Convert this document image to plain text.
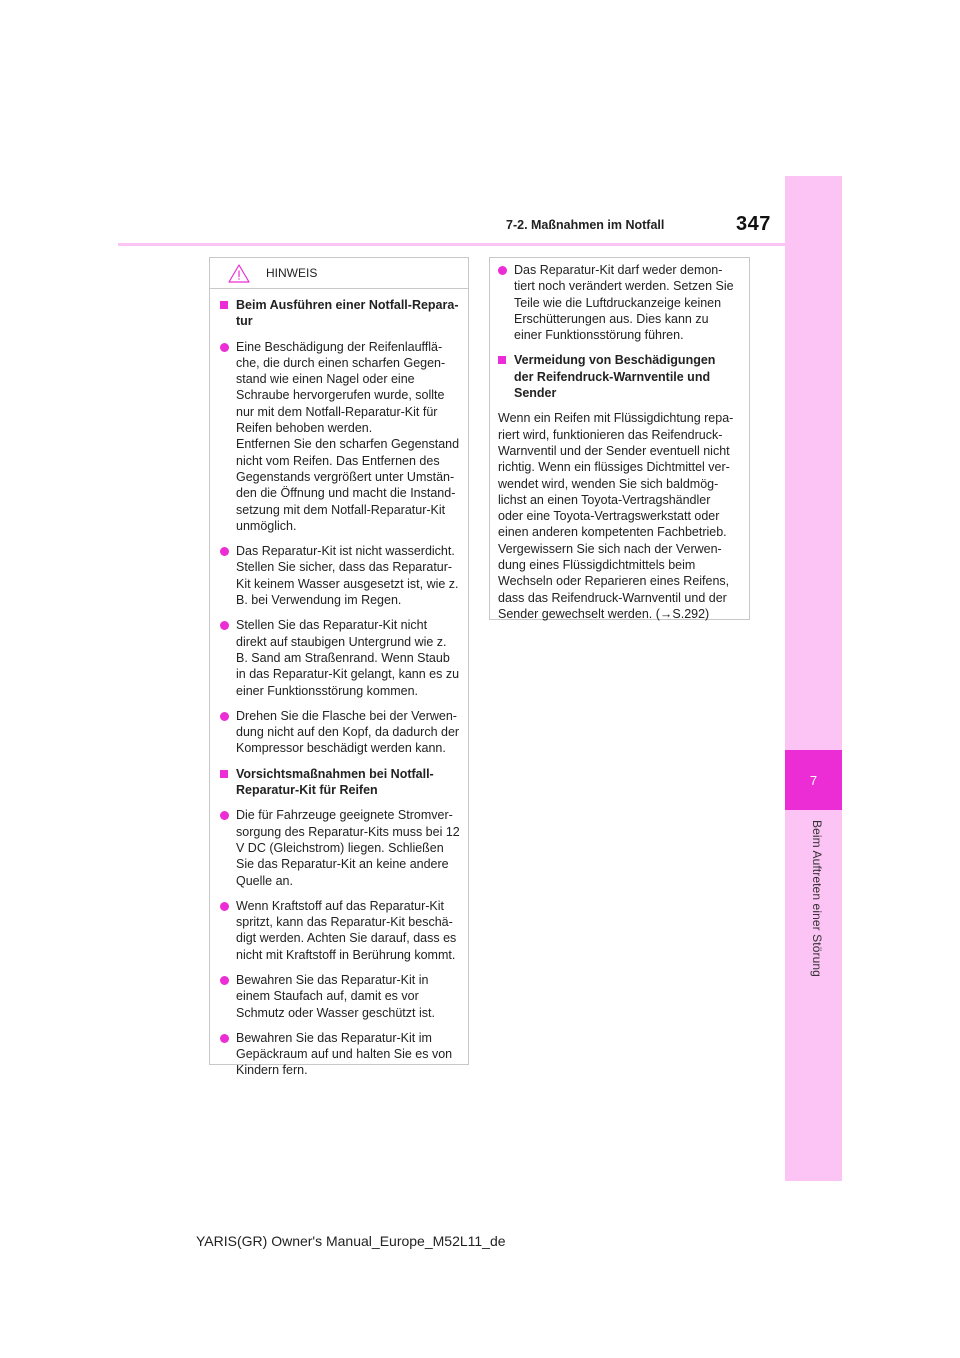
7
Beim Auftreten einer Störung
7-2. Maßnahmen im Notfall	347
HINWEIS
Beim Ausführen einer Notfall-Repara-
tur
Eine Beschädigung der Reifenlaufflä-
che, die durch einen scharfen Gegen-
stand wie einen Nagel oder eine
Schraube hervorgerufen wurde, sollte
nur mit dem Notfall-Reparatur-Kit für
Reifen behoben werden.
Entfernen Sie den scharfen Gegenstand
nicht vom Reifen. Das Entfernen des
Gegenstands vergrößert unter Umstän-
den die Öffnung und macht die Instand-
setzung mit dem Notfall-Reparatur-Kit
unmöglich.
Das Reparatur-Kit ist nicht wasserdicht.
Stellen Sie sicher, dass das Reparatur-
Kit keinem Wasser ausgesetzt ist, wie z.
B. bei Verwendung im Regen.
Stellen Sie das Reparatur-Kit nicht
direkt auf staubigen Untergrund wie z.
B. Sand am Straßenrand. Wenn Staub
in das Reparatur-Kit gelangt, kann es zu
einer Funktionsstörung kommen.
Drehen Sie die Flasche bei der Verwen-
dung nicht auf den Kopf, da dadurch der
Kompressor beschädigt werden kann.
Vorsichtsmaßnahmen bei Notfall-
Reparatur-Kit für Reifen
Die für Fahrzeuge geeignete Stromver-
sorgung des Reparatur-Kits muss bei 12
V DC (Gleichstrom) liegen. Schließen
Sie das Reparatur-Kit an keine andere
Quelle an.
Wenn Kraftstoff auf das Reparatur-Kit
spritzt, kann das Reparatur-Kit beschä-
digt werden. Achten Sie darauf, dass es
nicht mit Kraftstoff in Berührung kommt.
Bewahren Sie das Reparatur-Kit in
einem Staufach auf, damit es vor
Schmutz oder Wasser geschützt ist.
Bewahren Sie das Reparatur-Kit im
Gepäckraum auf und halten Sie es von
Kindern fern.
Das Reparatur-Kit darf weder demon-
tiert noch verändert werden. Setzen Sie
Teile wie die Luftdruckanzeige keinen
Erschütterungen aus. Dies kann zu
einer Funktionsstörung führen.
Vermeidung von Beschädigungen
der Reifendruck-Warnventile und
Sender
Wenn ein Reifen mit Flüssigdichtung repa-
riert wird, funktionieren das Reifendruck-
Warnventil und der Sender eventuell nicht
richtig. Wenn ein flüssiges Dichtmittel ver-
wendet wird, wenden Sie sich baldmög-
lichst an einen Toyota-Vertragshändler
oder eine Toyota-Vertragswerkstatt oder
einen anderen kompetenten Fachbetrieb.
Vergewissern Sie sich nach der Verwen-
dung eines Flüssigdichtmittels beim
Wechseln oder Reparieren eines Reifens,
dass das Reifendruck-Warnventil und der
Sender gewechselt werden. (→S.292)
YARIS(GR) Owner's Manual_Europe_M52L11_de
